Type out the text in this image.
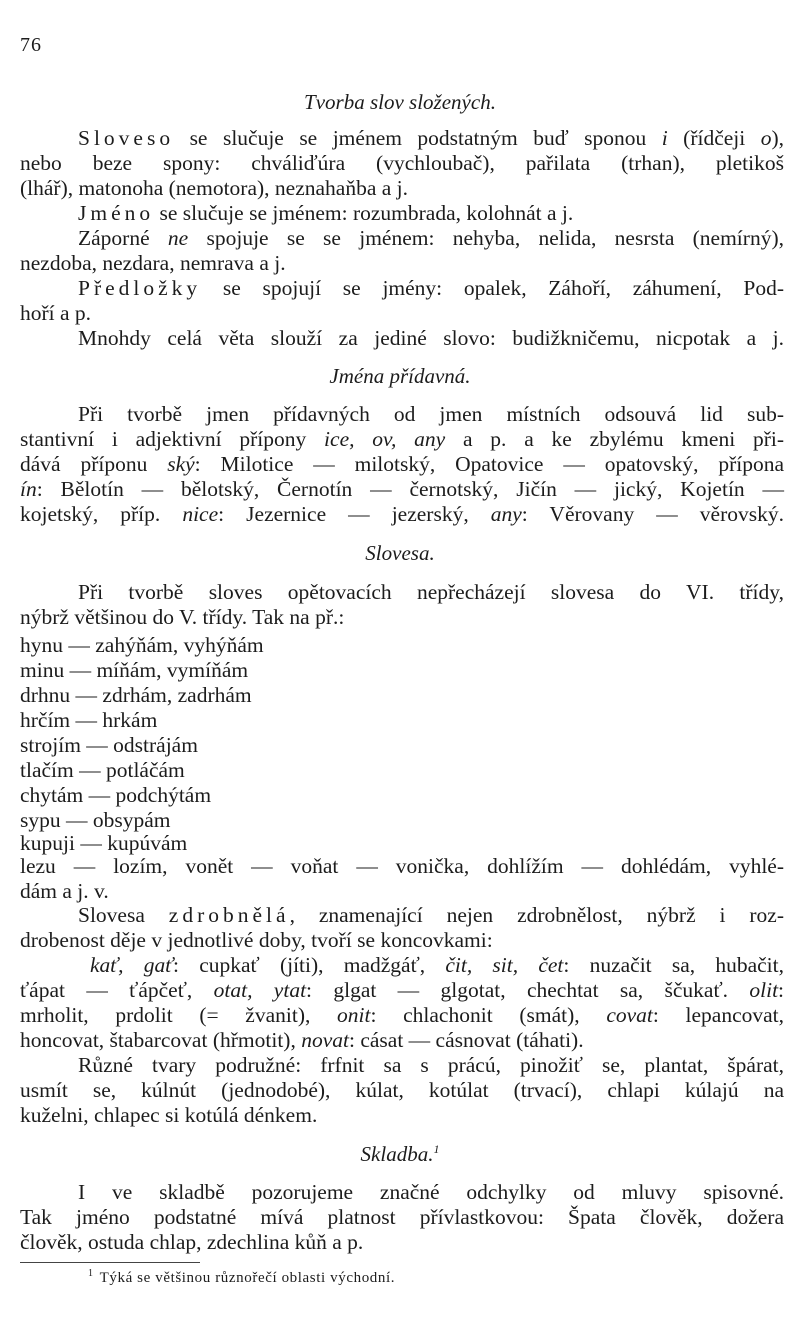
76
Tvorba slov složených.
Sloveso se slučuje se jménem podstatným buď sponou i (řídčeji o),
nebo beze spony: chváliďúra (vychloubač), pařilata (trhan), pletikoš
(lhář), matonoha (nemotora), neznahaňba a j.
Jméno se slučuje se jménem: rozumbrada, kolohnát a j.
Záporné ne spojuje se se jménem: nehyba, nelida, nesrsta (nemírný),
nezdoba, nezdara, nemrava a j.
Předložky se spojují se jmény: opalek, Záhoří, záhumení, Pod-
hoří a p.
Mnohdy celá věta slouží za jediné slovo: budižkničemu, nicpotak a j.
Jména přídavná.
Při tvorbě jmen přídavných od jmen místních odsouvá lid sub-
stantivní i adjektivní přípony ice, ov, any a p. a ke zbylému kmeni při-
dává příponu ský: Milotice — milotský, Opatovice — opatovský, přípona
ín: Bělotín — bělotský, Černotín — černotský, Jičín — jický, Kojetín —
kojetský, příp. nice: Jezernice — jezerský, any: Věrovany — věrovský.
Slovesa.
Při tvorbě sloves opětovacích nepřecházejí slovesa do VI. třídy,
nýbrž většinou do V. třídy. Tak na př.:
hynu — zahýňám, vyhýňám
minu — míňám, vymíňám
drhnu — zdrhám, zadrhám
hrčím — hrkám
strojím — odstrájám
tlačím — potláčám
chytám — podchýtám
sypu — obsypám
kupuji — kupúvám
lezu — lozím, vonět — voňat — vonička, dohlížím — dohlédám, vyhlé-
dám a j. v.
Slovesa zdrobnělá, znamenající nejen zdrobnělost, nýbrž i roz-
drobenost děje v jednotlivé doby, tvoří se koncovkami:
kať, gať: cupkať (jíti), madžgáť, čit, sit, čet: nuzačit sa, hubačit,
ťápat — ťápčeť, otat, ytat: glgat — glgotat, chechtat sa, ščukať. olit:
mrholit, prdolit (= žvanit), onit: chlachonit (smát), covat: lepancovat,
honcovat, štabarcovat (hřmotit), novat: cásat — cásnovat (táhati).
Různé tvary podružné: frfnit sa s prácú, pinožiť se, plantat, špárat,
usmít se, kúlnút (jednodobé), kúlat, kotúlat (trvací), chlapi kúlajú na
kuželni, chlapec si kotúlá dénkem.
Skladba.$^1$
I ve skladbě pozorujeme značné odchylky od mluvy spisovné.
Tak jméno podstatné mívá platnost přívlastkovou: Špata člověk, dožera
člověk, ostuda chlap, zdechlina kůň a p.
$^1$ Týká se většinou různořečí oblasti východní.
